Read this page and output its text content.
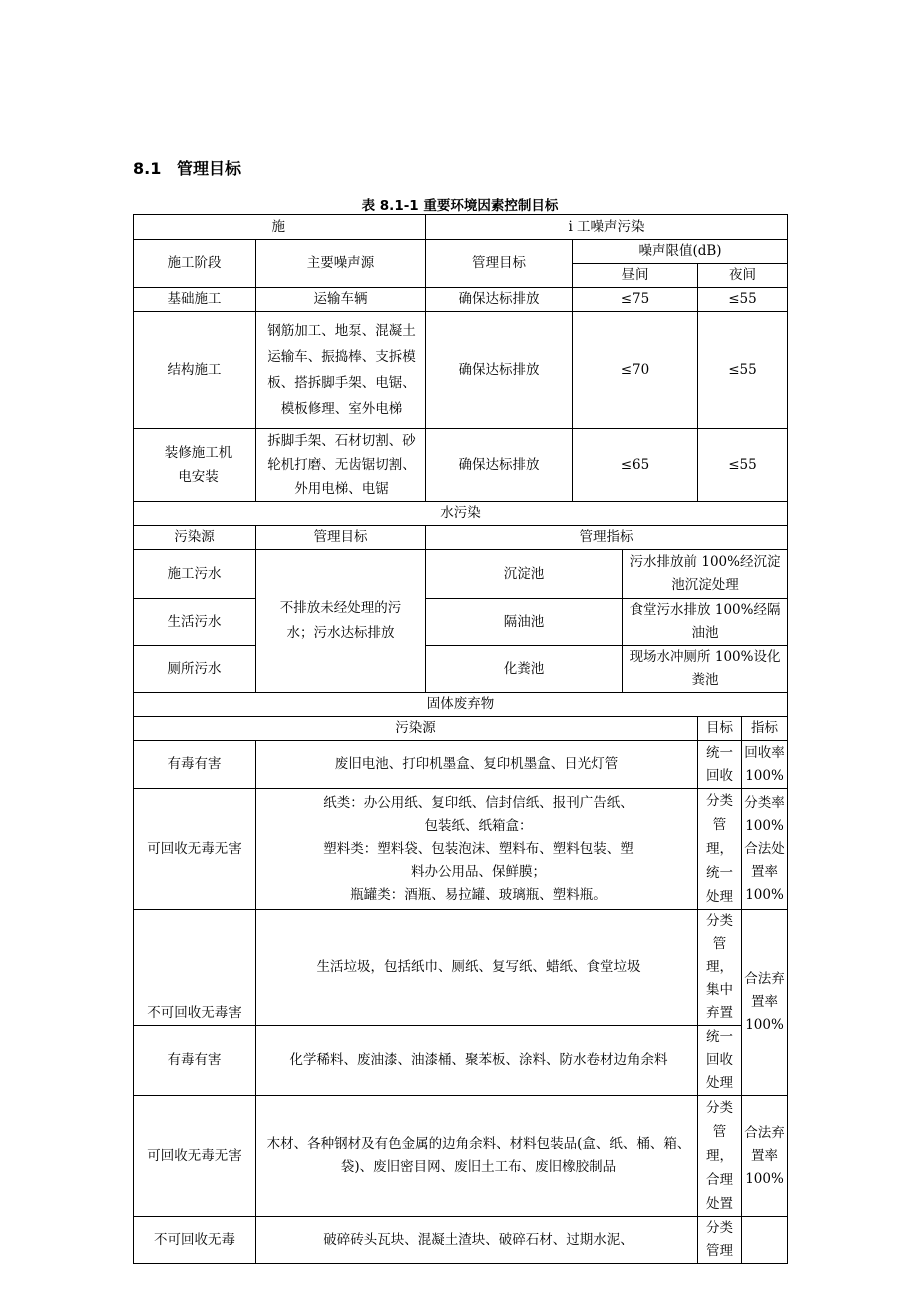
8.1 管理目标
表 8.1-1 重要环境因素控制目标
施		i 工噪声污染				
施工阶段	主要噪声源	管理目标	噪声限值(dB)			
			昼间		夜间	
基础施工	运输车辆	确保达标排放	≤75		≤55	
结构施工	钢筋加工、地泵、混凝土运输车、振捣棒、支拆模板、搭拆脚手架、电锯、模板修理、室外电梯	确保达标排放	≤70		≤55	
装修施工机电安装	拆脚手架、石材切割、砂轮机打磨、无齿锯切割、外用电梯、电锯	确保达标排放	≤65		≤55	
水污染						
污染源	管理目标	管理指标				
施工污水	不排放未经处理的污水；污水达标排放	沉淀池		污水排放前 100%经沉淀池沉淀处理		
生活污水		隔油池		食堂污水排放 100%经隔油池		
厕所污水		化粪池		现场水冲厕所 100%设化粪池		
固体废弃物						
污染源					目标	指标
有毒有害	废旧电池、打印机墨盒、复印机墨盒、日光灯管				统一回收	回收率100%
可回收无毒无害	纸类：办公用纸、复印纸、信封信纸、报刊广告纸、
包装纸、纸箱盒：
塑料类：塑料袋、包装泡沫、塑料布、塑料包装、塑
料办公用品、保鲜膜；
瓶罐类：酒瓶、易拉罐、玻璃瓶、塑料瓶。				分类管理，统一处理	分类率100%合法处置率100%
不可回收无毒害	生活垃圾，包括纸巾、厕纸、复写纸、蜡纸、食堂垃圾				分类管理，集中弃置	合法弃置率 100%
有毒有害	化学稀料、废油漆、油漆桶、聚苯板、涂料、防水卷材边角余料				统一回收处理	
可回收无毒无害	木材、各种钢材及有色金属的边角余料、材料包装品(盒、纸、桶、箱、袋)、废旧密目网、废旧土工布、废旧橡胶制品				分类管理，合理处置	合法弃置率 100%
不可回收无毒	破碎砖头瓦块、混凝土渣块、破碎石材、过期水泥、				分类管理	
